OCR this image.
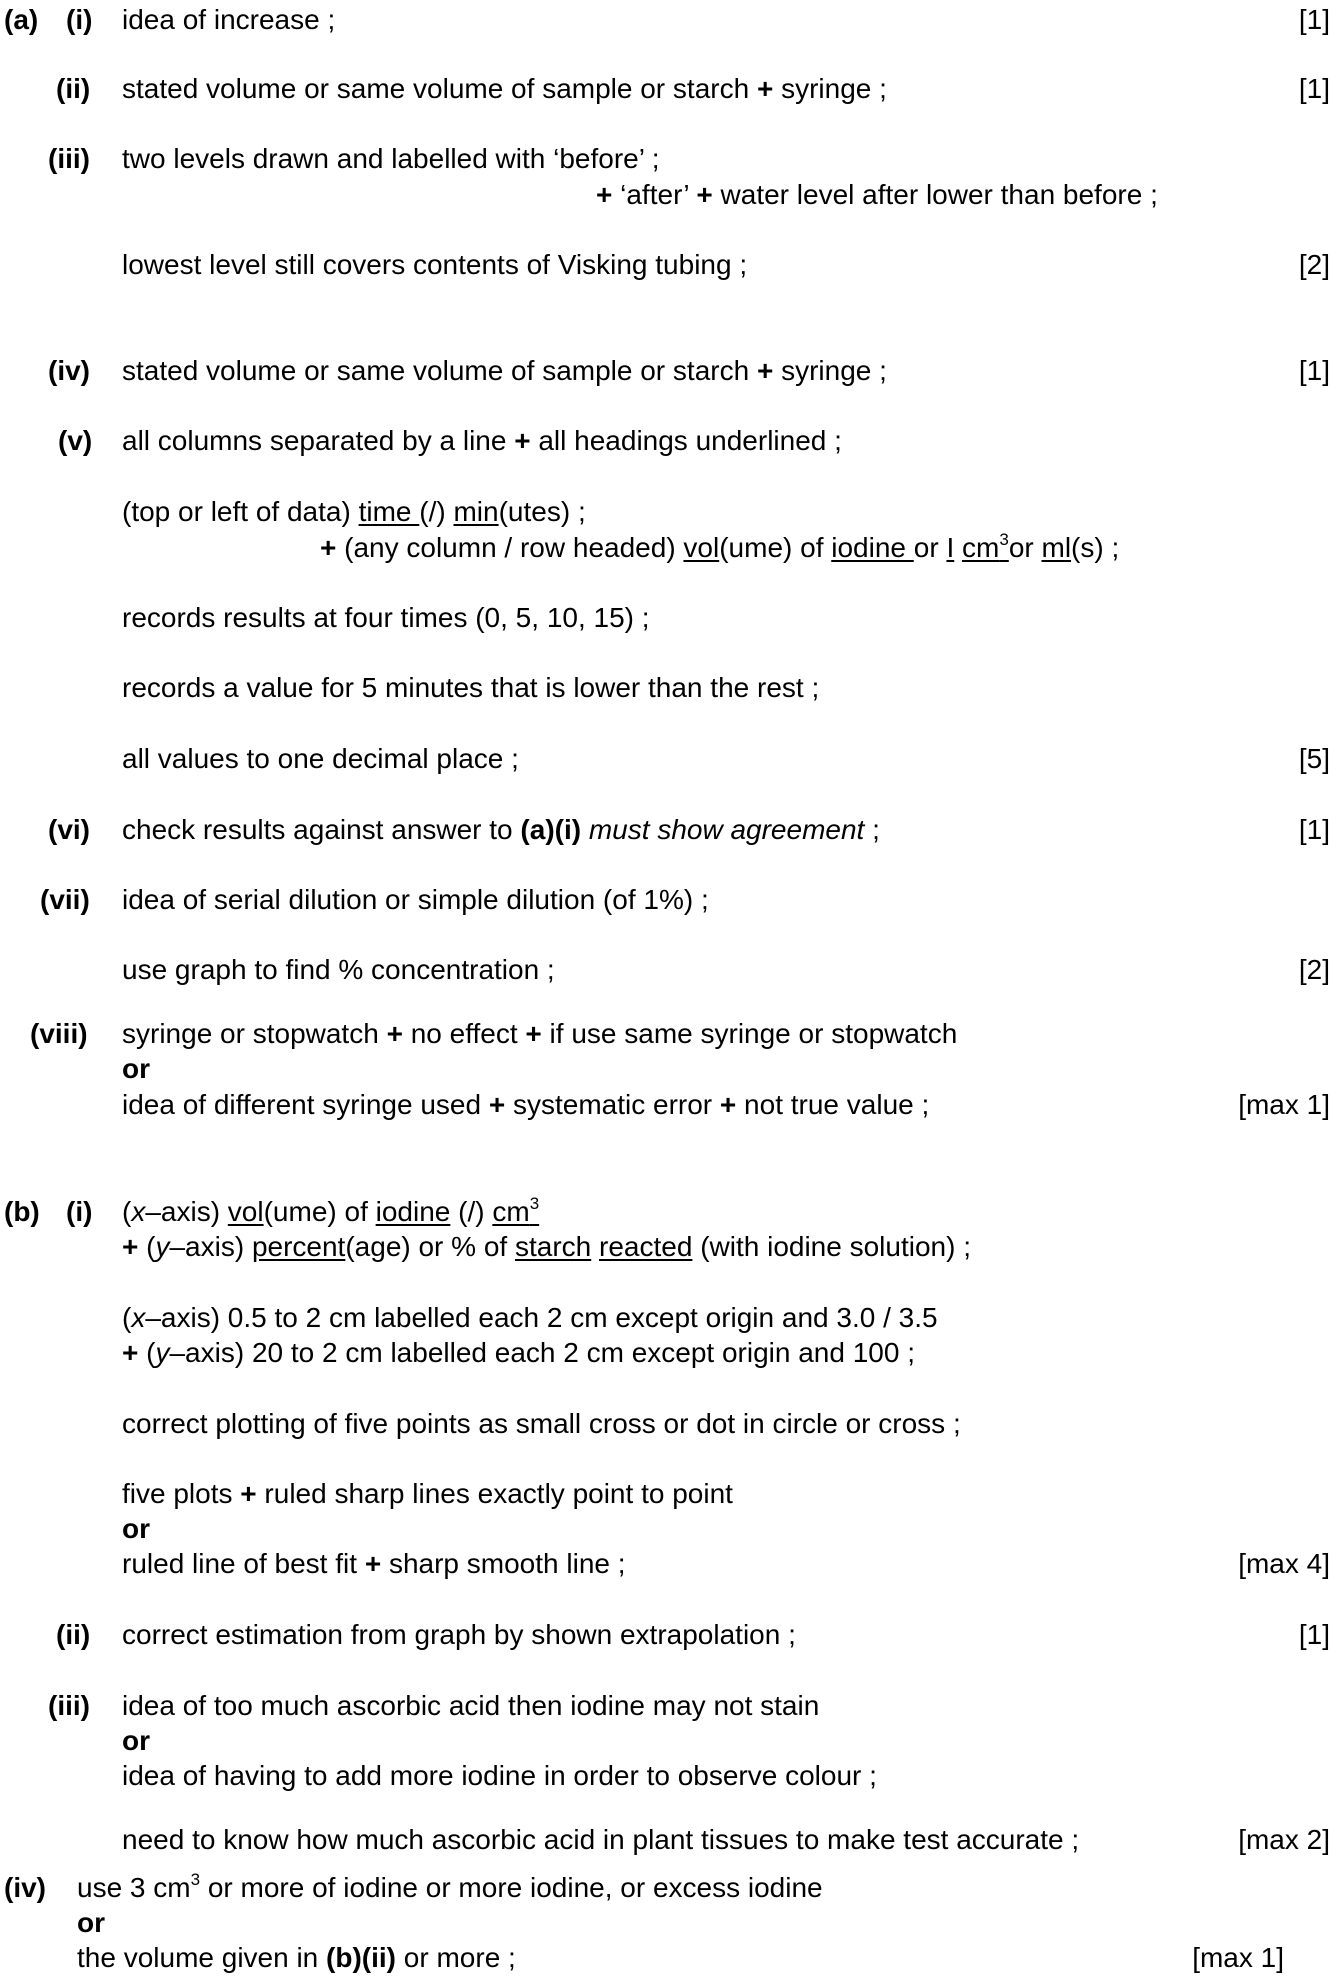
(a) (i) idea of increase ;	[1]
(ii) stated volume or same volume of sample or starch + syringe ;	[1]
(iii) two levels drawn and labelled with ‘before’ ;
+ ‘after’ + water level after lower than before ;
lowest level still covers contents of Visking tubing ;	[2]
(iv) stated volume or same volume of sample or starch + syringe ;	[1]
(v) all columns separated by a line + all headings underlined ;
(top or left of data) time (/) min(utes) ;
+ (any column / row headed) vol(ume) of iodine or I $cm^3or$ ml(s) ;
records results at four times (0, 5, 10, 15) ;
records a value for 5 minutes that is lower than the rest ;
all values to one decimal place ;	[5]
(vi) check results against answer to (a)(i) must show agreement ;	[1]
(vii) idea of serial dilution or simple dilution (of 1%) ;
use graph to find % concentration ;	[2]
(viii) syringe or stopwatch + no effect + if use same syringe or stopwatch
or
idea of different syringe used + systematic error + not true value ;	[max 1]
(b) (i) (x–axis) vol(ume) of iodine (/) $cm^3$
+ (y–axis) percent(age) or % of starch reacted (with iodine solution) ;
(x–axis) 0.5 to 2 cm labelled each 2 cm except origin and 3.0 / 3.5
+ (y–axis) 20 to 2 cm labelled each 2 cm except origin and 100 ;
correct plotting of five points as small cross or dot in circle or cross ;
five plots + ruled sharp lines exactly point to point
or
ruled line of best fit + sharp smooth line ;	[max 4]
(ii) correct estimation from graph by shown extrapolation ;	[1]
(iii) idea of too much ascorbic acid then iodine may not stain
or
idea of having to add more iodine in order to observe colour ;
need to know how much ascorbic acid in plant tissues to make test accurate ;	[max 2]
(iv) use 3 $cm^3$ or more of iodine or more iodine, or excess iodine
or
the volume given in (b)(ii) or more ;	[max 1]
